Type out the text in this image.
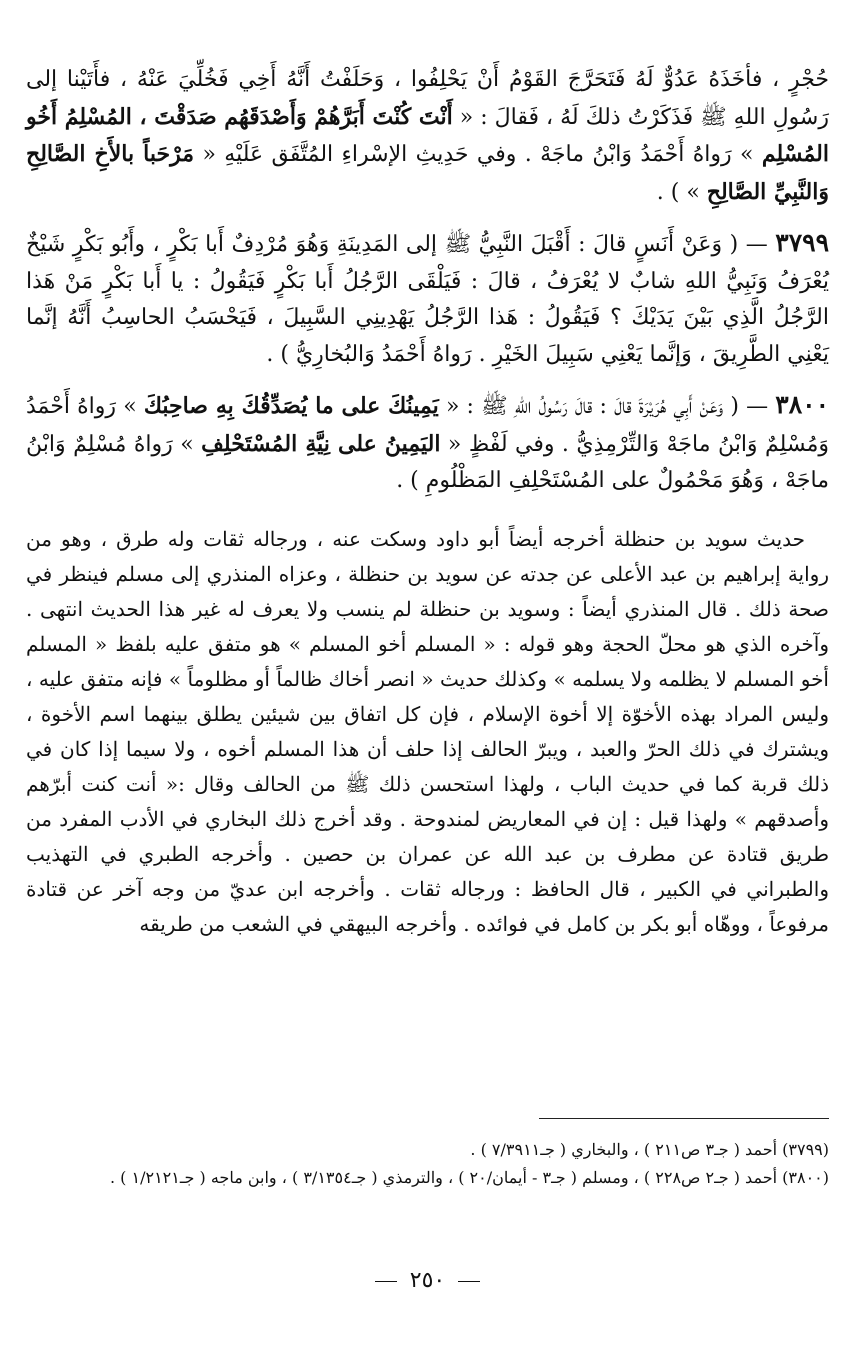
حُجْرٍ ، فأخَذَهُ عَدُوٌّ لَهُ فَتَحَرَّجَ القَوْمُ أَنْ يَحْلِفُوا ، وَحَلَفْتُ أَنَّهُ أَخِي فَخُلِّيَ عَنْهُ ، فأَتَيْنا إلى رَسُولِ اللهِ ﷺ فَذَكَرْتُ ذلكَ لَهُ ، فَقالَ : « أَنْتَ كُنْتَ أَبَرَّهُمْ وَأَصْدَقَهُم صَدَقْتَ ، المُسْلِمُ أَخُو المُسْلِم » رَواهُ أَحْمَدُ وَابْنُ ماجَهْ . وفي حَدِيثِ الإسْراءِ المُتَّفَق عَلَيْهِ « مَرْحَباً بالأَخِ الصَّالِحِ وَالنَّبِيِّ الصَّالِحِ » ) .

٣٧٩٩ — ( وَعَنْ أَنَسٍ قالَ : أَقْبَلَ النَّبِيُّ ﷺ إلى المَدِينَةِ وَهُوَ مُرْدِفٌ أَبا بَكْرٍ ، وأَبُو بَكْرٍ شَيْخٌ يُعْرَفُ وَنَبِيُّ اللهِ شابٌ لا يُعْرَفُ ، قالَ : فَيَلْقَى الرَّجُلُ أَبا بَكْرٍ فَيَقُولُ : يا أَبا بَكْرٍ مَنْ هَذا الرَّجُلُ الَّذِي بَيْنَ يَدَيْكَ ؟ فَيَقُولُ : هَذا الرَّجُلُ يَهْدِينِي السَّبِيلَ ، فَيَحْسَبُ الحاسِبُ أَنَّهُ إنَّما يَعْنِي الطَّرِيقَ ، وَإنَّما يَعْنِي سَبِيلَ الخَيْرِ . رَواهُ أَحْمَدُ وَالبُخارِيُّ ) .

٣٨٠٠ — ( وَعَنْ أَبِي هُرَيْرَةَ قالَ : قالَ رَسُولُ اللهِ ﷺ : « يَمِينُكَ على ما يُصَدِّقُكَ بِهِ صاحِبُكَ » رَواهُ أَحْمَدُ وَمُسْلِمٌ وَابْنُ ماجَهْ وَالتِّرْمِذِيُّ . وفي لَفْظٍ « اليَمِينُ على نِيَّةِ المُسْتَحْلِفِ » رَواهُ مُسْلِمٌ وَابْنُ ماجَهْ ، وَهُوَ مَحْمُولٌ على المُسْتَحْلِفِ المَظْلُومِ ) .

حديث سويد بن حنظلة أخرجه أيضاً أبو داود وسكت عنه ، ورجاله ثقات وله طرق ، وهو من رواية إبراهيم بن عبد الأعلى عن جدته عن سويد بن حنظلة ، وعزاه المنذري إلى مسلم فينظر في صحة ذلك . قال المنذري أيضاً : وسويد بن حنظلة لم ينسب ولا يعرف له غير هذا الحديث انتهى . وآخره الذي هو محلّ الحجة وهو قوله : « المسلم أخو المسلم » هو متفق عليه بلفظ « المسلم أخو المسلم لا يظلمه ولا يسلمه » وكذلك حديث « انصر أخاك ظالماً أو مظلوماً » فإنه متفق عليه ، وليس المراد بهذه الأخوّة إلا أخوة الإسلام ، فإن كل اتفاق بين شيئين يطلق بينهما اسم الأخوة ، ويشترك في ذلك الحرّ والعبد ، ويبرّ الحالف إذا حلف أن هذا المسلم أخوه ، ولا سيما إذا كان في ذلك قربة كما في حديث الباب ، ولهذا استحسن ذلك ﷺ من الحالف وقال :« أنت كنت أبرّهم وأصدقهم » ولهذا قيل : إن في المعاريض لمندوحة . وقد أخرج ذلك البخاري في الأدب المفرد من طريق قتادة عن مطرف بن عبد الله عن عمران بن حصين . وأخرجه الطبري في التهذيب والطبراني في الكبير ، قال الحافظ : ورجاله ثقات . وأخرجه ابن عديّ من وجه آخر عن قتادة مرفوعاً ، ووهّاه أبو بكر بن كامل في فوائده . وأخرجه البيهقي في الشعب من طريقه

(٣٧٩٩) أحمد ( جـ٣ ص٢١١ ) ، والبخاري ( جـ٧/٣٩١١ ) .

(٣٨٠٠) أحمد ( جـ٢ ص٢٢٨ ) ، ومسلم ( جـ٣ - أيمان/٢٠ ) ، والترمذي ( جـ٣/١٣٥٤ ) ، وابن ماجه ( جـ١/٢١٢١ ) .

٢٥٠
